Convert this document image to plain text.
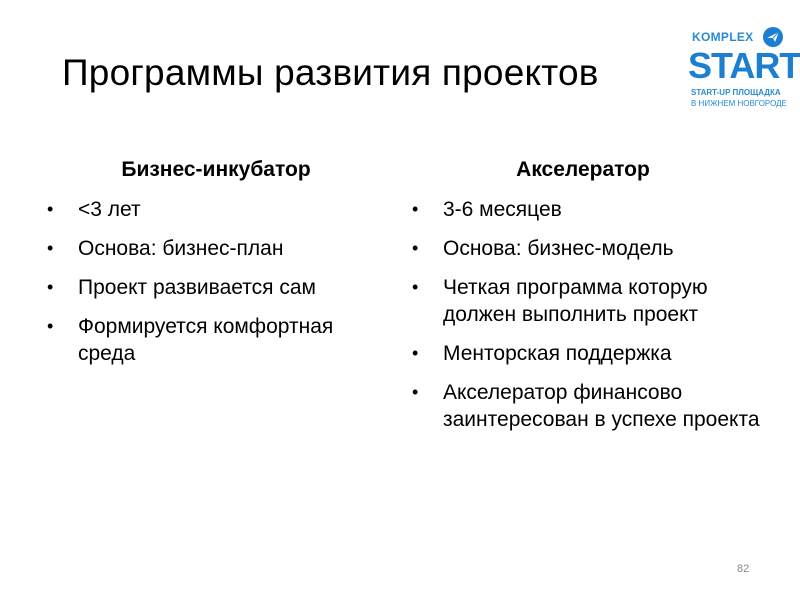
Программы развития проектов
KOMPLEX
START
START-UP ПЛОЩАДКА
В НИЖНЕМ НОВГОРОДЕ
Бизнес-инкубатор
• <3 лет
• Основа: бизнес-план
• Проект развивается сам
• Формируется комфортная среда
Акселератор
• 3-6 месяцев
• Основа: бизнес-модель
• Четкая программа которую должен выполнить проект
• Менторская поддержка
• Акселератор финансово заинтересован в успехе проекта
82
